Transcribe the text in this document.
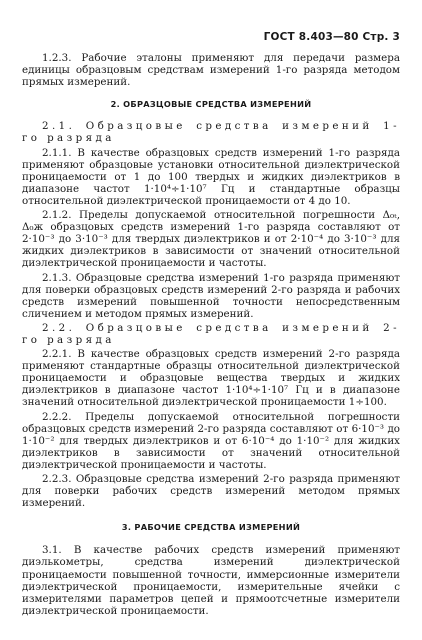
ГОСТ 8.403—80 Стр. 3

1.2.3. Рабочие эталоны применяют для передачи размера единицы образцовым средствам измерений 1-го разряда методом прямых измерений.

2. ОБРАЗЦОВЫЕ СРЕДСТВА ИЗМЕРЕНИЙ

2.1. Образцовые средства измерений 1-го разряда

2.1.1. В качестве образцовых средств измерений 1-го разряда применяют образцовые установки относительной диэлектрической проницаемости от 1 до 100 твердых и жидких диэлектриков в диапазоне частот 1·10⁴÷1·10⁷ Гц и стандартные образцы относительной диэлектрической проницаемости от 4 до 10.

2.1.2. Пределы допускаемой относительной погрешности Δ₀ₜ, Δ₀ж образцовых средств измерений 1-го разряда составляют от 2·10⁻³ до 3·10⁻³ для твердых диэлектриков и от 2·10⁻⁴ до 3·10⁻³ для жидких диэлектриков в зависимости от значений относительной диэлектрической проницаемости и частоты.

2.1.3. Образцовые средства измерений 1-го разряда применяют для поверки образцовых средств измерений 2-го разряда и рабочих средств измерений повышенной точности непосредственным сличением и методом прямых измерений.

2.2. Образцовые средства измерений 2-го разряда

2.2.1. В качестве образцовых средств измерений 2-го разряда применяют стандартные образцы относительной диэлектрической проницаемости и образцовые вещества твердых и жидких диэлектриков в диапазоне частот 1·10⁴÷1·10⁷ Гц и в диапазоне значений относительной диэлектрической проницаемости 1÷100.

2.2.2. Пределы допускаемой относительной погрешности образцовых средств измерений 2-го разряда составляют от 6·10⁻³ до 1·10⁻² для твердых диэлектриков и от 6·10⁻⁴ до 1·10⁻² для жидких диэлектриков в зависимости от значений относительной диэлектрической проницаемости и частоты.

2.2.3. Образцовые средства измерений 2-го разряда применяют для поверки рабочих средств измерений методом прямых измерений.

3. РАБОЧИЕ СРЕДСТВА ИЗМЕРЕНИЙ

3.1. В качестве рабочих средств измерений применяют диэлькометры, средства измерений диэлектрической проницаемости повышенной точности, иммерсионные измерители диэлектрической проницаемости, измерительные ячейки с измерителями параметров цепей и прямоотсчетные измерители диэлектрической проницаемости.
